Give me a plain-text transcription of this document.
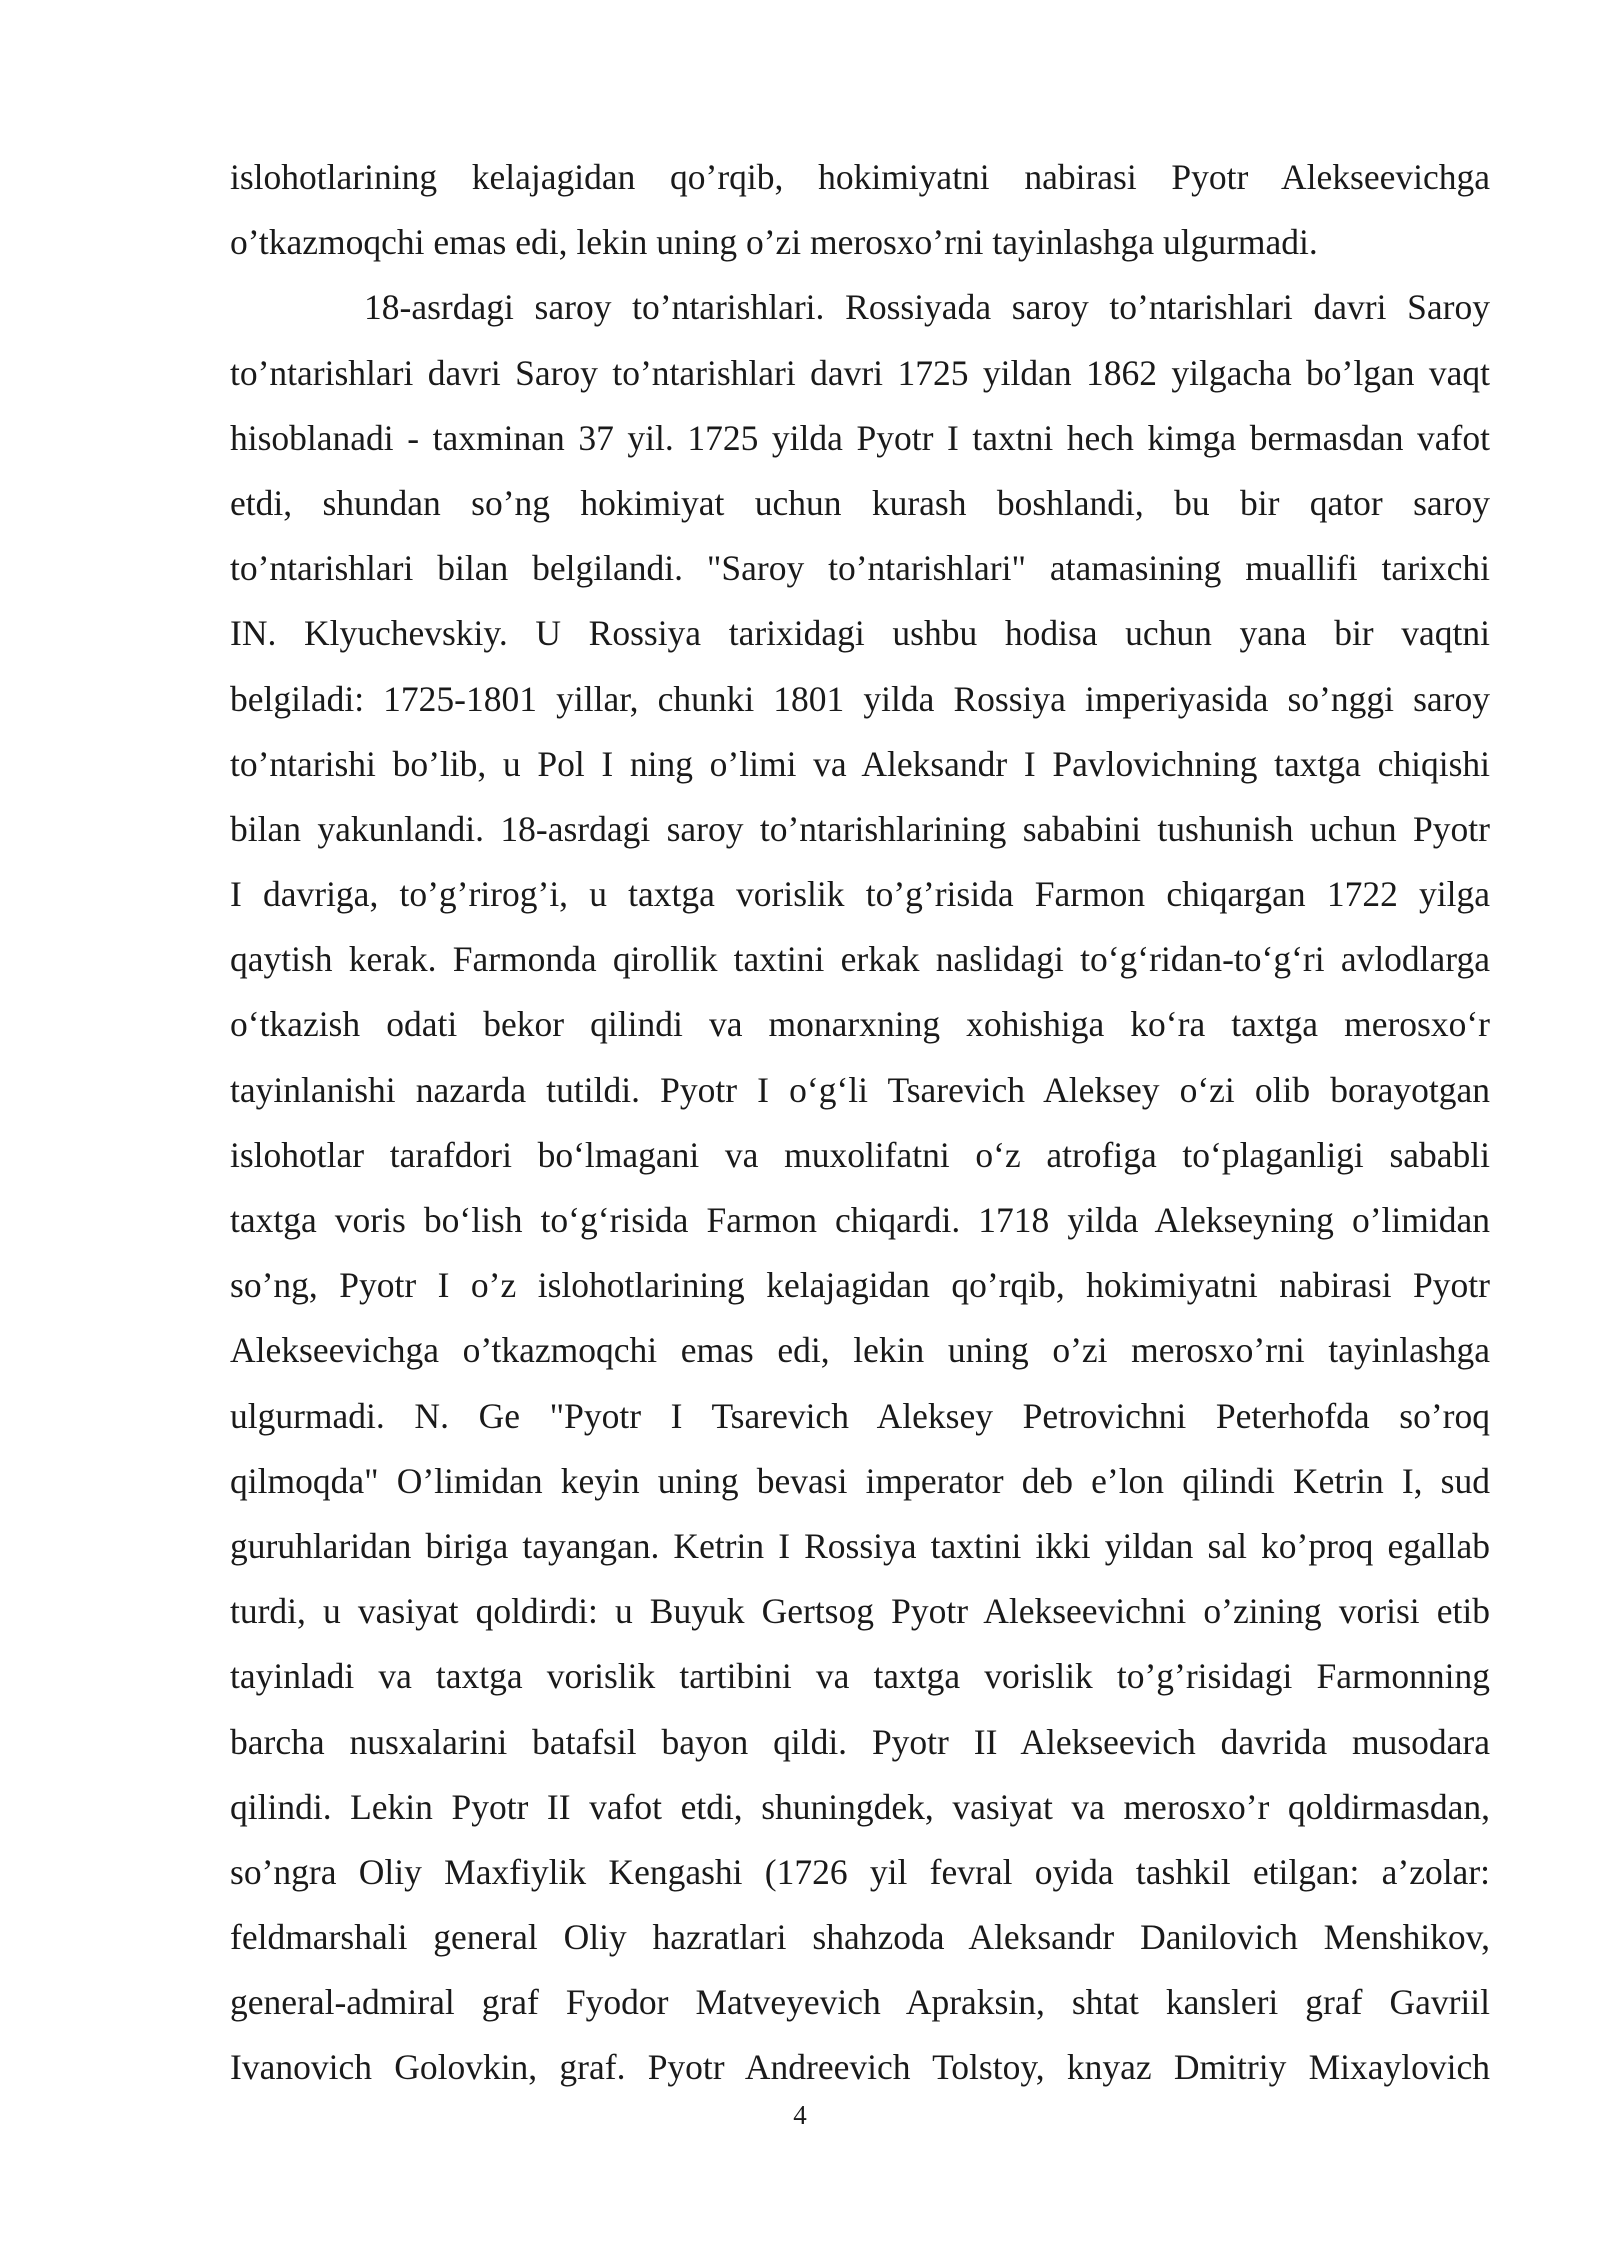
islohotlarining kelajagidan qo’rqib, hokimiyatni nabirasi Pyotr Alekseevichga
o’tkazmoqchi emas edi, lekin uning o’zi merosxo’rni tayinlashga ulgurmadi.
18-asrdagi saroy to’ntarishlari. Rossiyada saroy to’ntarishlari davri Saroy
to’ntarishlari davri Saroy to’ntarishlari davri 1725 yildan 1862 yilgacha bo’lgan vaqt
hisoblanadi - taxminan 37 yil. 1725 yilda Pyotr I taxtni hech kimga bermasdan vafot
etdi, shundan so’ng hokimiyat uchun kurash boshlandi, bu bir qator saroy
to’ntarishlari bilan belgilandi. "Saroy to’ntarishlari" atamasining muallifi tarixchi
IN. Klyuchevskiy. U Rossiya tarixidagi ushbu hodisa uchun yana bir vaqtni
belgiladi: 1725-1801 yillar, chunki 1801 yilda Rossiya imperiyasida so’nggi saroy
to’ntarishi bo’lib, u Pol I ning o’limi va Aleksandr I Pavlovichning taxtga chiqishi
bilan yakunlandi. 18-asrdagi saroy to’ntarishlarining sababini tushunish uchun Pyotr
I davriga, to’g’rirog’i, u taxtga vorislik to’g’risida Farmon chiqargan 1722 yilga
qaytish kerak. Farmonda qirollik taxtini erkak naslidagi to‘g‘ridan-to‘g‘ri avlodlarga
o‘tkazish odati bekor qilindi va monarxning xohishiga ko‘ra taxtga merosxo‘r
tayinlanishi nazarda tutildi. Pyotr I o‘g‘li Tsarevich Aleksey o‘zi olib borayotgan
islohotlar tarafdori bo‘lmagani va muxolifatni o‘z atrofiga to‘plaganligi sababli
taxtga voris bo‘lish to‘g‘risida Farmon chiqardi. 1718 yilda Alekseyning o’limidan
so’ng, Pyotr I o’z islohotlarining kelajagidan qo’rqib, hokimiyatni nabirasi Pyotr
Alekseevichga o’tkazmoqchi emas edi, lekin uning o’zi merosxo’rni tayinlashga
ulgurmadi. N. Ge "Pyotr I Tsarevich Aleksey Petrovichni Peterhofda so’roq
qilmoqda" O’limidan keyin uning bevasi imperator deb e’lon qilindi Ketrin I, sud
guruhlaridan biriga tayangan. Ketrin I Rossiya taxtini ikki yildan sal ko’proq egallab
turdi, u vasiyat qoldirdi: u Buyuk Gertsog Pyotr Alekseevichni o’zining vorisi etib
tayinladi va taxtga vorislik tartibini va taxtga vorislik to’g’risidagi Farmonning
barcha nusxalarini batafsil bayon qildi. Pyotr II Alekseevich davrida musodara
qilindi. Lekin Pyotr II vafot etdi, shuningdek, vasiyat va merosxo’r qoldirmasdan,
so’ngra Oliy Maxfiylik Kengashi (1726 yil fevral oyida tashkil etilgan: a’zolar:
feldmarshali general Oliy hazratlari shahzoda Aleksandr Danilovich Menshikov,
general-admiral graf Fyodor Matveyevich Apraksin, shtat kansleri graf Gavriil
Ivanovich Golovkin, graf. Pyotr Andreevich Tolstoy, knyaz Dmitriy Mixaylovich
4
